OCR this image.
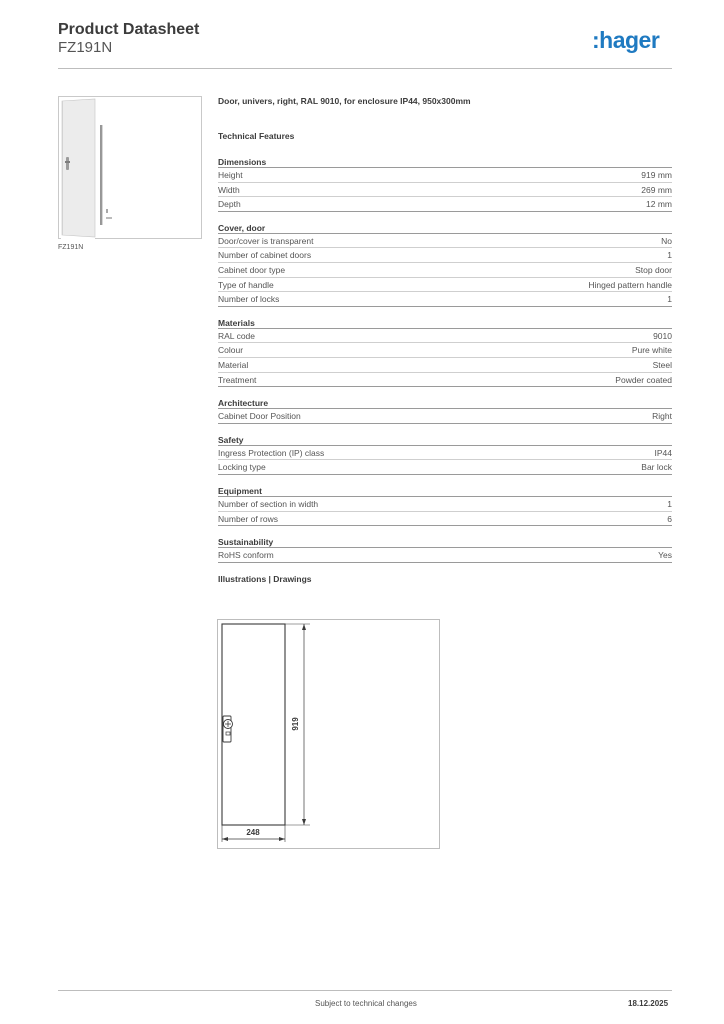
Product Datasheet
FZ191N	:hager
FZ191N
Door, univers, right, RAL 9010, for enclosure IP44, 950x300mm
Technical Features
Dimensions
Height	919 mm
Width	269 mm
Depth	12 mm
Cover, door
Door/cover is transparent	No
Number of cabinet doors	1
Cabinet door type	Stop door
Type of handle	Hinged pattern handle
Number of locks	1
Materials
RAL code	9010
Colour	Pure white
Material	Steel
Treatment	Powder coated
Architecture
Cabinet Door Position	Right
Safety
Ingress Protection (IP) class	IP44
Locking type	Bar lock
Equipment
Number of section in width	1
Number of rows	6
Sustainability
RoHS conform	Yes
Illustrations | Drawings
919
248
Subject to technical changes	18.12.2025
